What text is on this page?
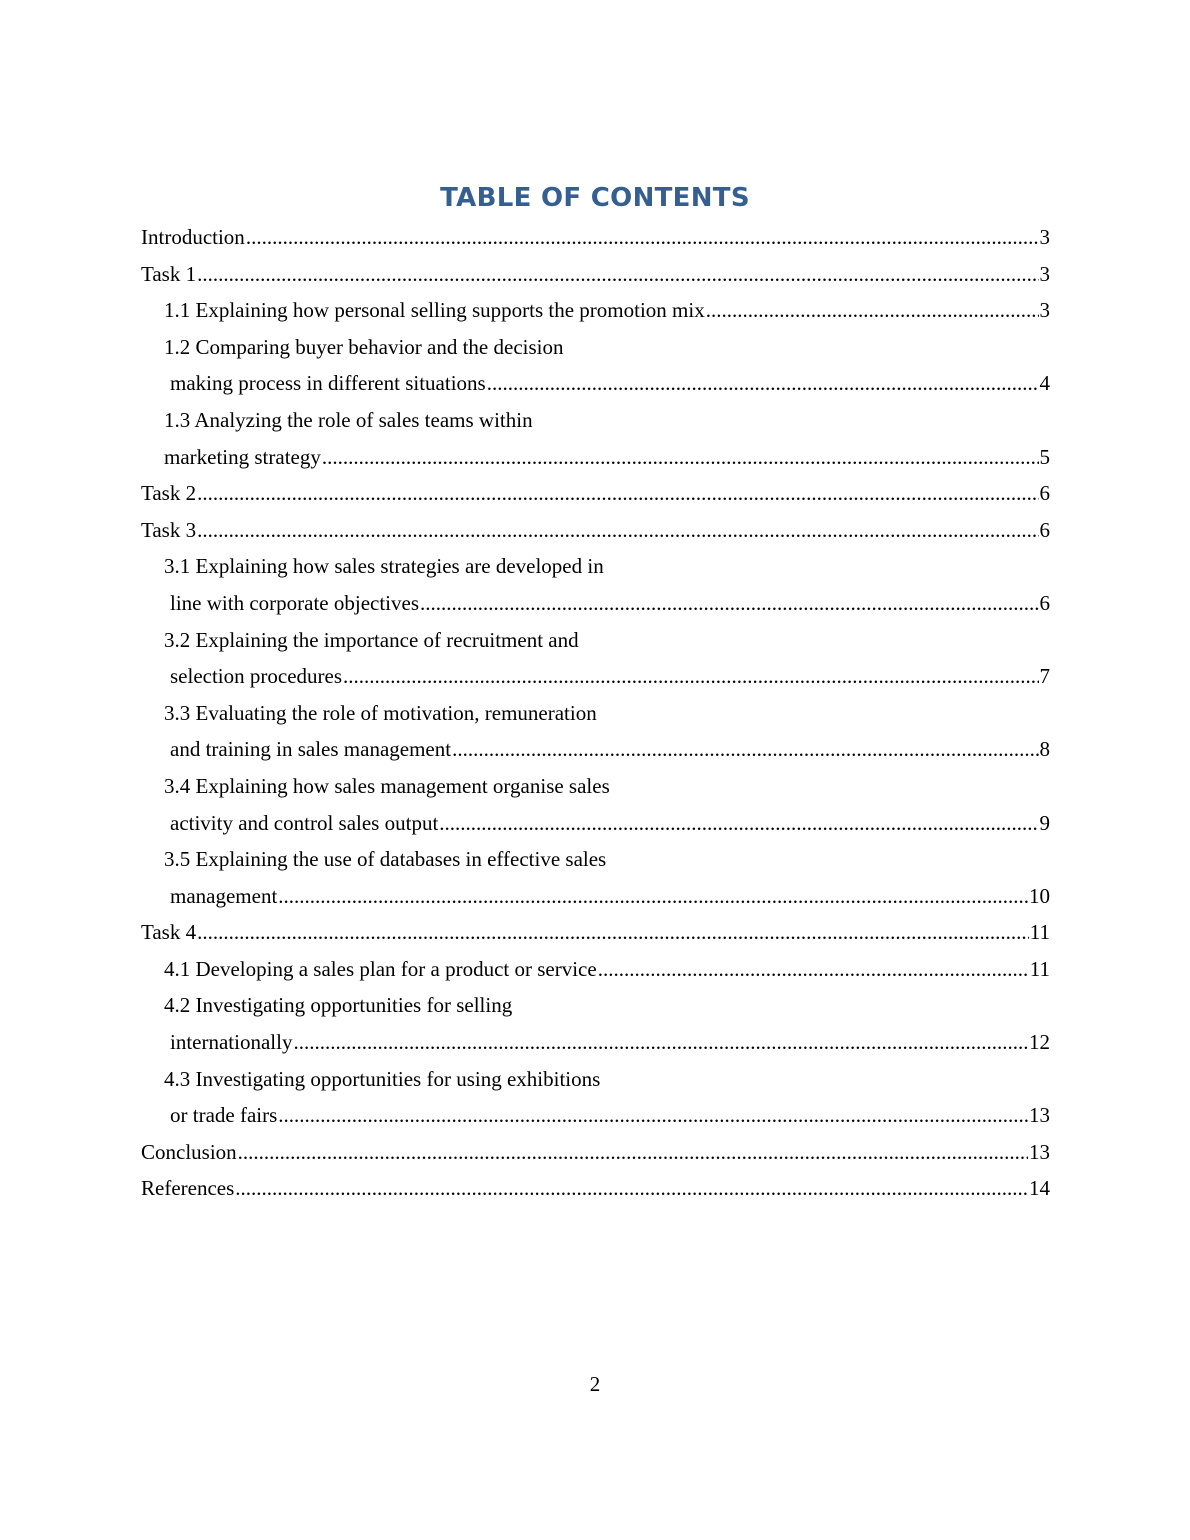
TABLE OF CONTENTS
Introduction .....	3
Task 1 .....	3
1.1 Explaining how personal selling supports the promotion mix .....	3
1.2 Comparing buyer behavior and the decision
making process in different situations .....	4
1.3 Analyzing the role of sales teams within
marketing strategy .....	5
Task 2 .....	6
Task 3 .....	6
3.1 Explaining how sales strategies are developed in
line with corporate objectives .....	6
3.2 Explaining the importance of recruitment and
selection procedures .....	7
3.3 Evaluating the role of motivation, remuneration
and training in sales management .....	8
3.4 Explaining how sales management organise sales
activity and control sales output .....	9
3.5 Explaining the use of databases in effective sales
management .....	10
Task 4 .....	11
4.1 Developing a sales plan for a product or service .....	11
4.2 Investigating opportunities for selling
internationally .....	12
4.3 Investigating opportunities for using exhibitions
or trade fairs .....	13
Conclusion .....	13
References .....	14
2
